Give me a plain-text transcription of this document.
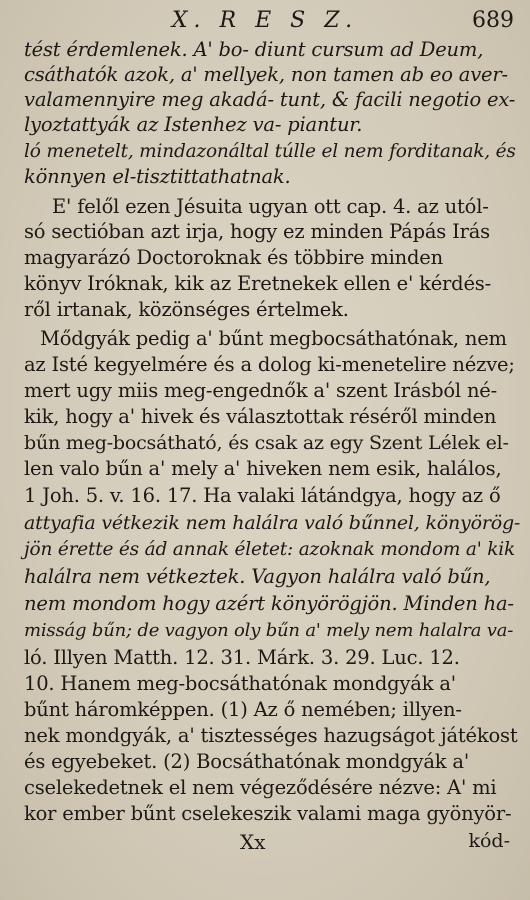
X. R E S Z.	689
tést érdemlenek. A' bo- diunt cursum ad Deum,
csáthatók azok, a' mellyek, non tamen ab eo aver-
valamennyire meg akadá- tunt, & facili negotio ex-
lyoztattyák az Istenhez va- piantur.
ló menetelt, mindazonáltal túlle el nem forditanak, és
könnyen el-tisztittathatnak.
E' felől ezen Jésuita ugyan ott cap. 4. az utól-
só sectióban azt irja, hogy ez minden Pápás Irás
magyarázó Doctoroknak és többire minden
könyv Iróknak, kik az Eretnekek ellen e' kérdés-
ről irtanak, közönséges értelmek.
Mődgyák pedig a' bűnt megbocsáthatónak, nem
az Isté kegyelmére és a dolog ki-menetelire nézve;
mert ugy miis meg-engednők a' szent Irásból né-
kik, hogy a' hivek és választottak réséről minden
bűn meg-bocsátható, és csak az egy Szent Lélek el-
len valo bűn a' mely a' hiveken nem esik, halálos,
1 Joh. 5. v. 16. 17. Ha valaki látándgya, hogy az ő
attyafia vétkezik nem halálra való bűnnel, könyörög-
jön érette és ád annak életet: azoknak mondom a' kik
halálra nem vétkeztek. Vagyon halálra való bűn,
nem mondom hogy azért könyörögjön. Minden ha-
misság bűn; de vagyon oly bűn a' mely nem halalra va-
ló. Illyen Matth. 12. 31. Márk. 3. 29. Luc. 12.
10. Hanem meg-bocsáthatónak mondgyák a'
bűnt háromképpen. (1) Az ő nemében; illyen-
nek mondgyák, a' tisztességes hazugságot játékost
és egyebeket. (2) Bocsáthatónak mondgyák a'
cselekedetnek el nem végeződésére nézve: A' mi
kor ember bűnt cselekeszik valami maga gyönyör-
Xx	kód-
